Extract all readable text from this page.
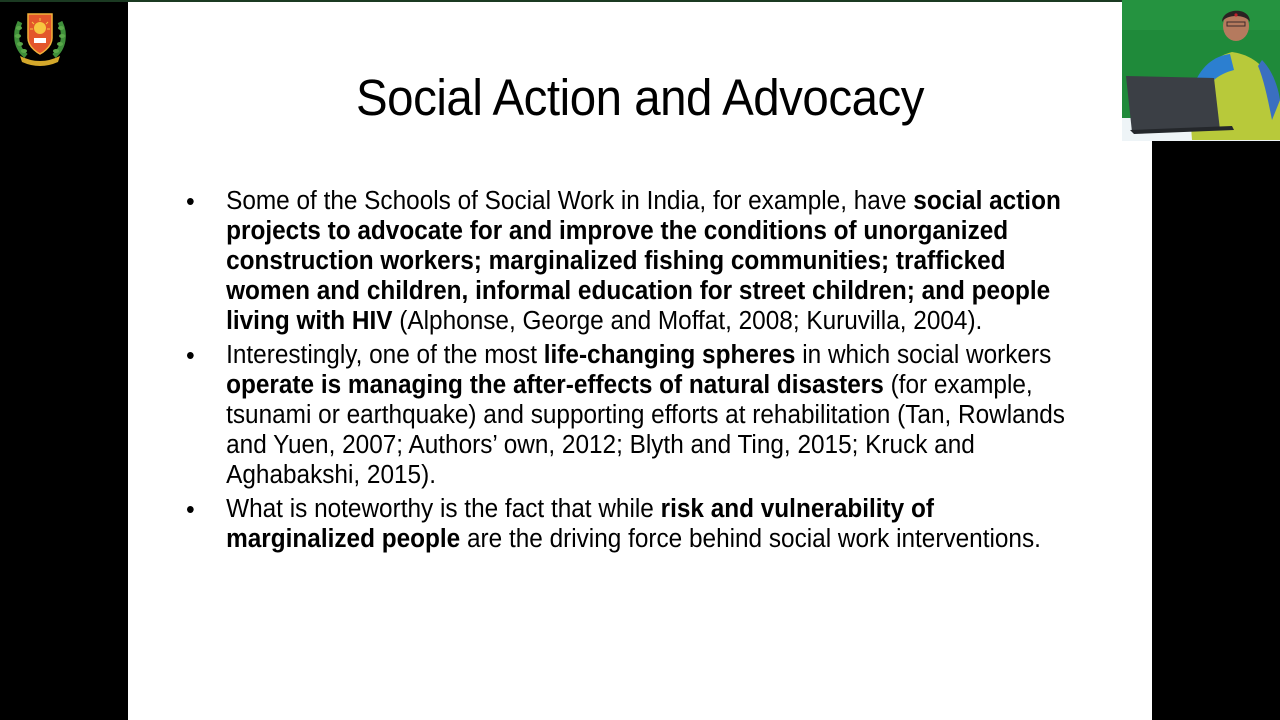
Social Action and Advocacy
• Some of the Schools of Social Work in India, for example, have social action projects to advocate for and improve the conditions of unorganized construction workers; marginalized fishing communities; trafficked women and children, informal education for street children; and people living with HIV (Alphonse, George and Moffat, 2008; Kuruvilla, 2004).
• Interestingly, one of the most life-changing spheres in which social workers operate is managing the after-effects of natural disasters (for example, tsunami or earthquake) and supporting efforts at rehabilitation (Tan, Rowlands and Yuen, 2007; Authors’ own, 2012; Blyth and Ting, 2015; Kruck and Aghabakshi, 2015).
• What is noteworthy is the fact that while risk and vulnerability of marginalized people are the driving force behind social work interventions.
